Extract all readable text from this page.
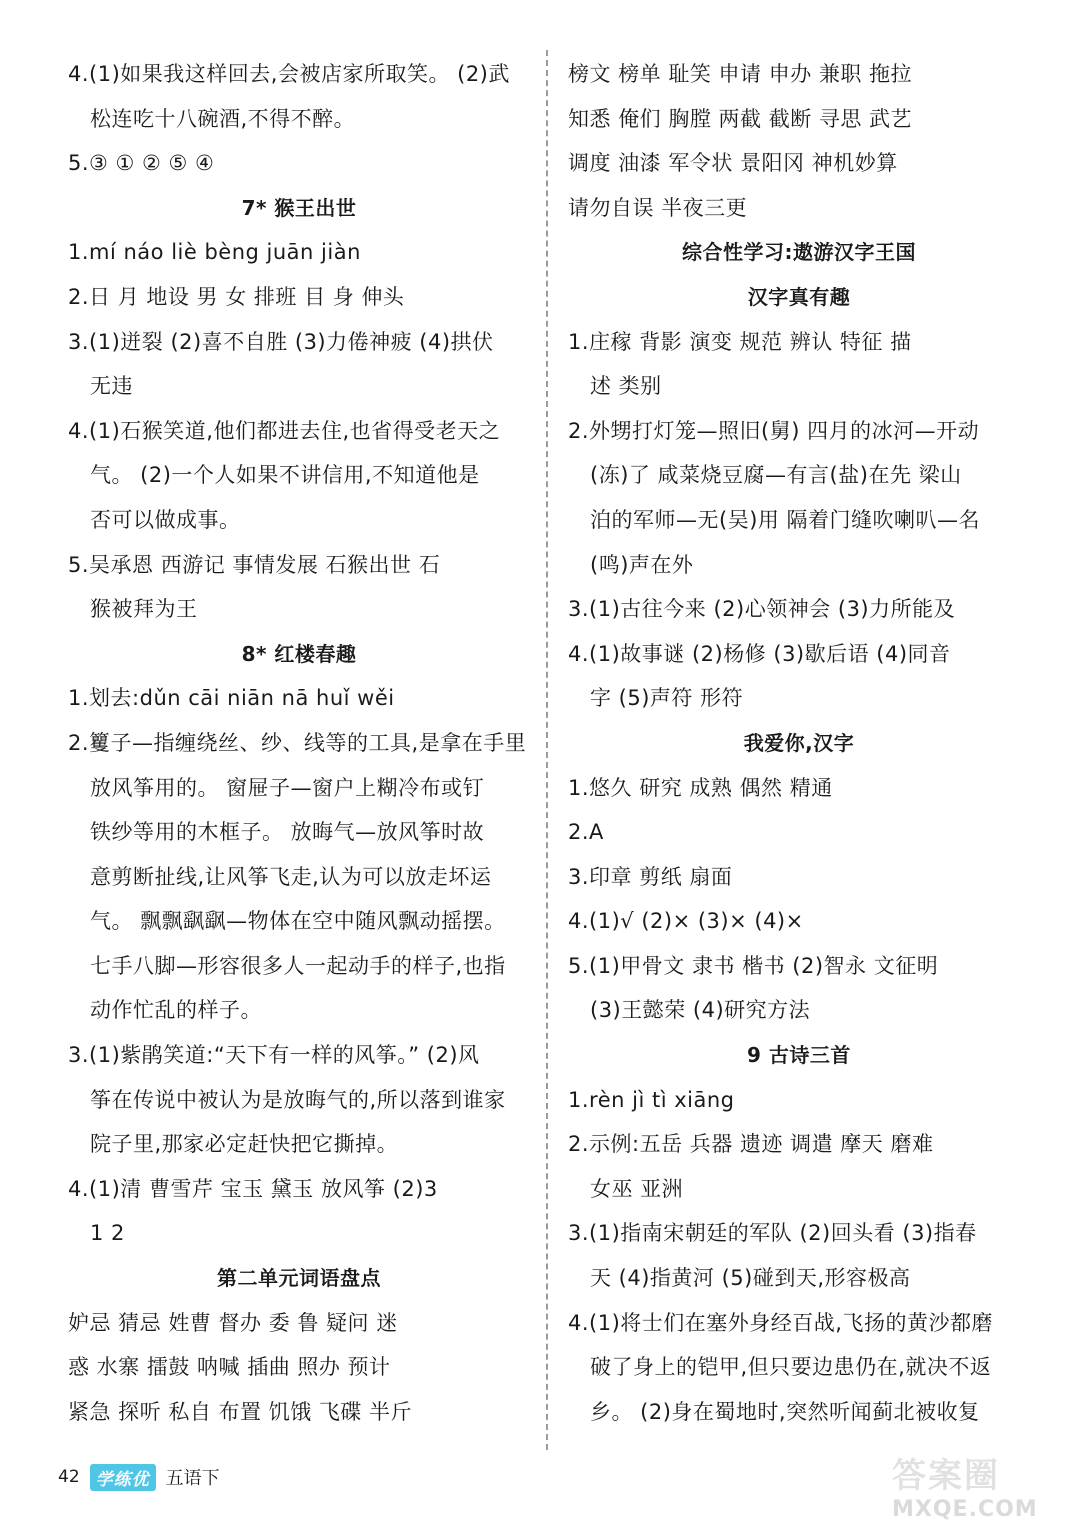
4.(1)如果我这样回去,会被店家所取笑。 (2)武
松连吃十八碗酒,不得不醉。
5.③ ① ② ⑤ ④
7* 猴王出世
1.mí náo liè bèng juān jiàn
2.日 月 地设 男 女 排班 目 身 伸头
3.(1)迸裂 (2)喜不自胜 (3)力倦神疲 (4)拱伏
无违
4.(1)石猴笑道,他们都进去住,也省得受老天之
气。 (2)一个人如果不讲信用,不知道他是
否可以做成事。
5.吴承恩 西游记 事情发展 石猴出世 石
猴被拜为王
8* 红楼春趣
1.划去:dǔn cāi niān nā huǐ wěi
2.籰子—指缠绕丝、纱、线等的工具,是拿在手里
放风筝用的。 窗屉子—窗户上糊冷布或钉
铁纱等用的木框子。 放晦气—放风筝时故
意剪断扯线,让风筝飞走,认为可以放走坏运
气。 飘飘飖飖—物体在空中随风飘动摇摆。
七手八脚—形容很多人一起动手的样子,也指
动作忙乱的样子。
3.(1)紫鹃笑道:“天下有一样的风筝。” (2)风
筝在传说中被认为是放晦气的,所以落到谁家
院子里,那家必定赶快把它撕掉。
4.(1)清 曹雪芹 宝玉 黛玉 放风筝 (2)3
1 2
第二单元词语盘点
妒忌 猜忌 姓曹 督办 委 鲁 疑问 迷
惑 水寨 擂鼓 呐喊 插曲 照办 预计
紧急 探听 私自 布置 饥饿 飞碟 半斤
榜文 榜单 耻笑 申请 申办 兼职 拖拉
知悉 俺们 胸膛 两截 截断 寻思 武艺
调度 油漆 军令状 景阳冈 神机妙算
请勿自误 半夜三更
综合性学习:遨游汉字王国
汉字真有趣
1.庄稼 背影 演变 规范 辨认 特征 描
述 类别
2.外甥打灯笼—照旧(舅) 四月的冰河—开动
(冻)了 咸菜烧豆腐—有言(盐)在先 梁山
泊的军师—无(吴)用 隔着门缝吹喇叭—名
(鸣)声在外
3.(1)古往今来 (2)心领神会 (3)力所能及
4.(1)故事谜 (2)杨修 (3)歇后语 (4)同音
字 (5)声符 形符
我爱你,汉字
1.悠久 研究 成熟 偶然 精通
2.A
3.印章 剪纸 扇面
4.(1)√ (2)× (3)× (4)×
5.(1)甲骨文 隶书 楷书 (2)智永 文征明
(3)王懿荣 (4)研究方法
9 古诗三首
1.rèn jì tì xiāng
2.示例:五岳 兵器 遗迹 调遣 摩天 磨难
女巫 亚洲
3.(1)指南宋朝廷的军队 (2)回头看 (3)指春
天 (4)指黄河 (5)碰到天,形容极高
4.(1)将士们在塞外身经百战,飞扬的黄沙都磨
破了身上的铠甲,但只要边患仍在,就决不返
乡。 (2)身在蜀地时,突然听闻蓟北被收复
42 学练优 五语下	答案圈
MXQE.COM
